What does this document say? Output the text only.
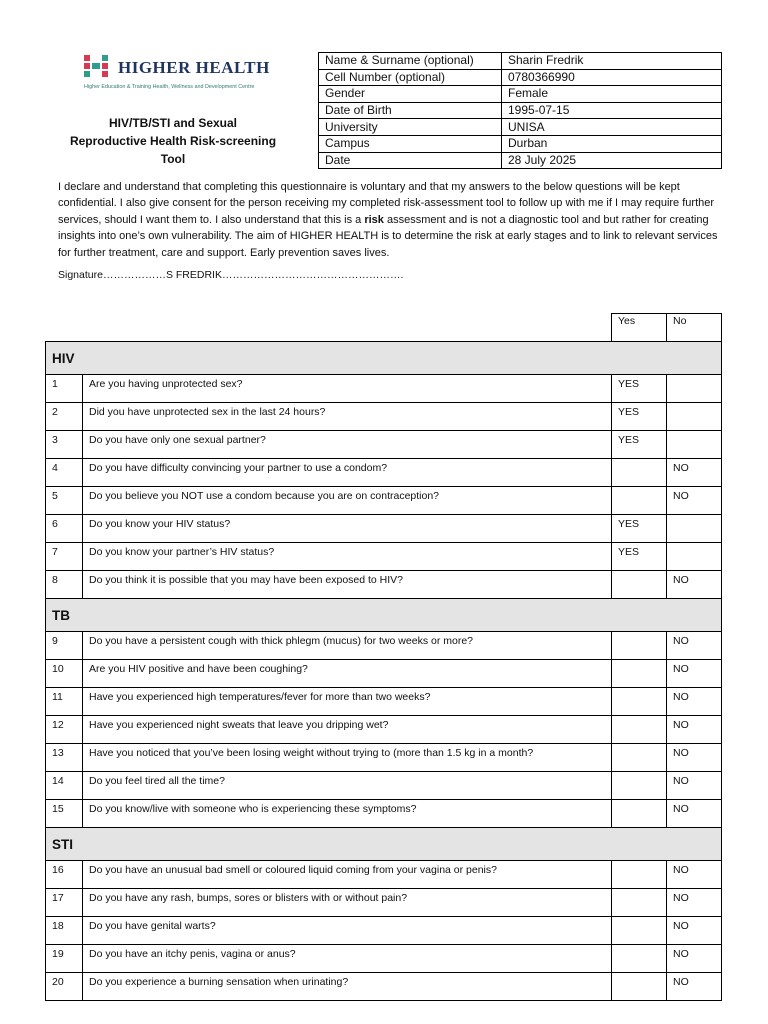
HIGHER HEALTH
Higher Education & Training Health, Wellness and Development Centre
HIV/TB/STI and Sexual
Reproductive Health Risk-screening
Tool
Name & Surname (optional)	Sharin Fredrik
Cell Number (optional)	0780366990
Gender	Female
Date of Birth	1995-07-15
University	UNISA
Campus	Durban
Date	28 July 2025
I declare and understand that completing this questionnaire is voluntary and that my answers to the below questions will be kept confidential. I also give consent for the person receiving my completed risk-assessment tool to follow up with me if I may require further services, should I want them to. I also understand that this is a risk assessment and is not a diagnostic tool and but rather for creating insights into one’s own vulnerability. The aim of HIGHER HEALTH is to determine the risk at early stages and to link to relevant services for further treatment, care and support. Early prevention saves lives.
Signature………………S FREDRIK…………………………………………….
		Yes	No
HIV			
1	Are you having unprotected sex?	YES	
2	Did you have unprotected sex in the last 24 hours?	YES	
3	Do you have only one sexual partner?	YES	
4	Do you have difficulty convincing your partner to use a condom?		NO
5	Do you believe you NOT use a condom because you are on contraception?		NO
6	Do you know your HIV status?	YES	
7	Do you know your partner’s HIV status?	YES	
8	Do you think it is possible that you may have been exposed to HIV?		NO
TB			
9	Do you have a persistent cough with thick phlegm (mucus) for two weeks or more?		NO
10	Are you HIV positive and have been coughing?		NO
11	Have you experienced high temperatures/fever for more than two weeks?		NO
12	Have you experienced night sweats that leave you dripping wet?		NO
13	Have you noticed that you’ve been losing weight without trying to (more than 1.5 kg in a month?		NO
14	Do you feel tired all the time?		NO
15	Do you know/live with someone who is experiencing these symptoms?		NO
STI			
16	Do you have an unusual bad smell or coloured liquid coming from your vagina or penis?		NO
17	Do you have any rash, bumps, sores or blisters with or without pain?		NO
18	Do you have genital warts?		NO
19	Do you have an itchy penis, vagina or anus?		NO
20	Do you experience a burning sensation when urinating?		NO
